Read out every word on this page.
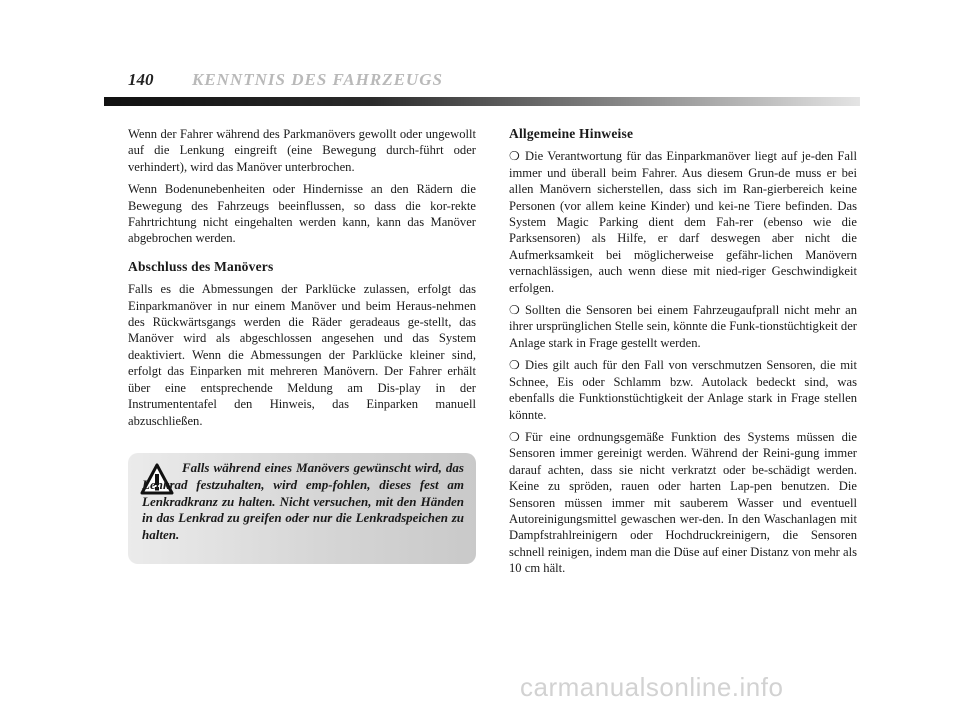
140 KENNTNIS DES FAHRZEUGS

Wenn der Fahrer während des Parkmanövers gewollt oder ungewollt auf die Lenkung eingreift (eine Bewegung durch-führt oder verhindert), wird das Manöver unterbrochen.

Wenn Bodenunebenheiten oder Hindernisse an den Rädern die Bewegung des Fahrzeugs beeinflussen, so dass die kor-rekte Fahrtrichtung nicht eingehalten werden kann, kann das Manöver abgebrochen werden.

Abschluss des Manövers

Falls es die Abmessungen der Parklücke zulassen, erfolgt das Einparkmanöver in nur einem Manöver und beim Heraus-nehmen des Rückwärtsgangs werden die Räder geradeaus ge-stellt, das Manöver wird als abgeschlossen angesehen und das System deaktiviert. Wenn die Abmessungen der Parklücke kleiner sind, erfolgt das Einparken mit mehreren Manövern. Der Fahrer erhält über eine entsprechende Meldung am Dis-play in der Instrumententafel den Hinweis, das Einparken manuell abzuschließen.

Falls während eines Manövers gewünscht wird, das Lenkrad festzuhalten, wird emp-fohlen, dieses fest am Lenkradkranz zu halten. Nicht versuchen, mit den Händen in das Lenkrad zu greifen oder nur die Lenkradspeichen zu halten.

Allgemeine Hinweise

❍ Die Verantwortung für das Einparkmanöver liegt auf je-den Fall immer und überall beim Fahrer. Aus diesem Grun-de muss er bei allen Manövern sicherstellen, dass sich im Ran-gierbereich keine Personen (vor allem keine Kinder) und kei-ne Tiere befinden. Das System Magic Parking dient dem Fah-rer (ebenso wie die Parksensoren) als Hilfe, er darf deswegen aber nicht die Aufmerksamkeit bei möglicherweise gefähr-lichen Manövern vernachlässigen, auch wenn diese mit nied-riger Geschwindigkeit erfolgen.

❍ Sollten die Sensoren bei einem Fahrzeugaufprall nicht mehr an ihrer ursprünglichen Stelle sein, könnte die Funk-tionstüchtigkeit der Anlage stark in Frage gestellt werden.

❍ Dies gilt auch für den Fall von verschmutzen Sensoren, die mit Schnee, Eis oder Schlamm bzw. Autolack bedeckt sind, was ebenfalls die Funktionstüchtigkeit der Anlage stark in Frage stellen könnte.

❍ Für eine ordnungsgemäße Funktion des Systems müssen die Sensoren immer gereinigt werden. Während der Reini-gung immer darauf achten, dass sie nicht verkratzt oder be-schädigt werden. Keine zu spröden, rauen oder harten Lap-pen benutzen. Die Sensoren müssen immer mit sauberem Wasser und eventuell Autoreinigungsmittel gewaschen wer-den. In den Waschanlagen mit Dampfstrahlreinigern oder Hochdruckreinigern, die Sensoren schnell reinigen, indem man die Düse auf einer Distanz von mehr als 10 cm hält.

carmanualsonline.info
